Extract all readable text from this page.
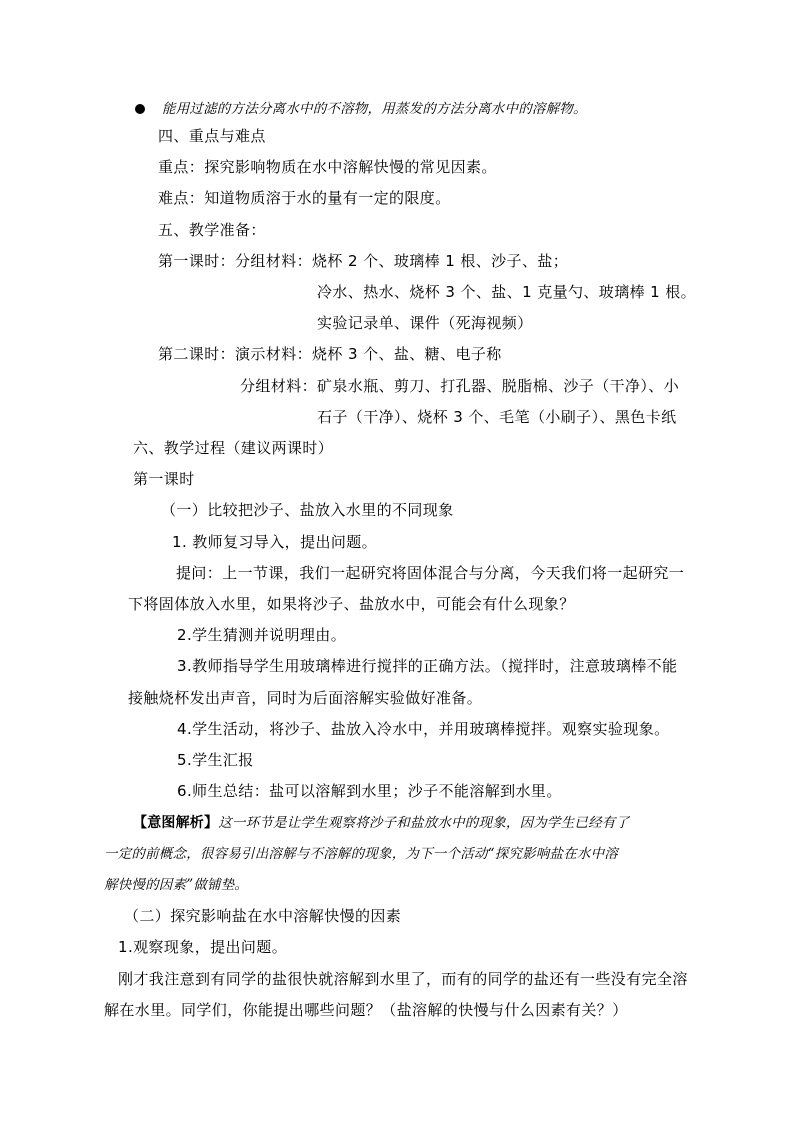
能用过滤的方法分离水中的不溶物，用蒸发的方法分离水中的溶解物。
四、重点与难点
重点：探究影响物质在水中溶解快慢的常见因素。
难点：知道物质溶于水的量有一定的限度。
五、教学准备：
第一课时：分组材料：烧杯 2 个、玻璃棒 1 根、沙子、盐；
冷水、热水、烧杯 3 个、盐、1 克量勺、玻璃棒 1 根。
实验记录单、课件（死海视频）
第二课时：演示材料：烧杯 3 个、盐、糖、电子称
分组材料：矿泉水瓶、剪刀、打孔器、脱脂棉、沙子（干净）、小
石子（干净）、烧杯 3 个、毛笔（小刷子）、黑色卡纸
六、教学过程（建议两课时）
第一课时
（一）比较把沙子、盐放入水里的不同现象
1. 教师复习导入，提出问题。
提问：上一节课，我们一起研究将固体混合与分离，今天我们将一起研究一
下将固体放入水里，如果将沙子、盐放水中，可能会有什么现象？
2.学生猜测并说明理由。
3.教师指导学生用玻璃棒进行搅拌的正确方法。（搅拌时，注意玻璃棒不能
接触烧杯发出声音，同时为后面溶解实验做好准备。
4.学生活动，将沙子、盐放入冷水中，并用玻璃棒搅拌。观察实验现象。
5.学生汇报
6.师生总结：盐可以溶解到水里；沙子不能溶解到水里。
【意图解析】这一环节是让学生观察将沙子和盐放水中的现象，因为学生已经有了
一定的前概念，很容易引出溶解与不溶解的现象，为下一个活动“探究影响盐在水中溶
解快慢的因素”做铺垫。
（二）探究影响盐在水中溶解快慢的因素
1.观察现象，提出问题。
刚才我注意到有同学的盐很快就溶解到水里了，而有的同学的盐还有一些没有完全溶
解在水里。同学们，你能提出哪些问题？（盐溶解的快慢与什么因素有关？）
